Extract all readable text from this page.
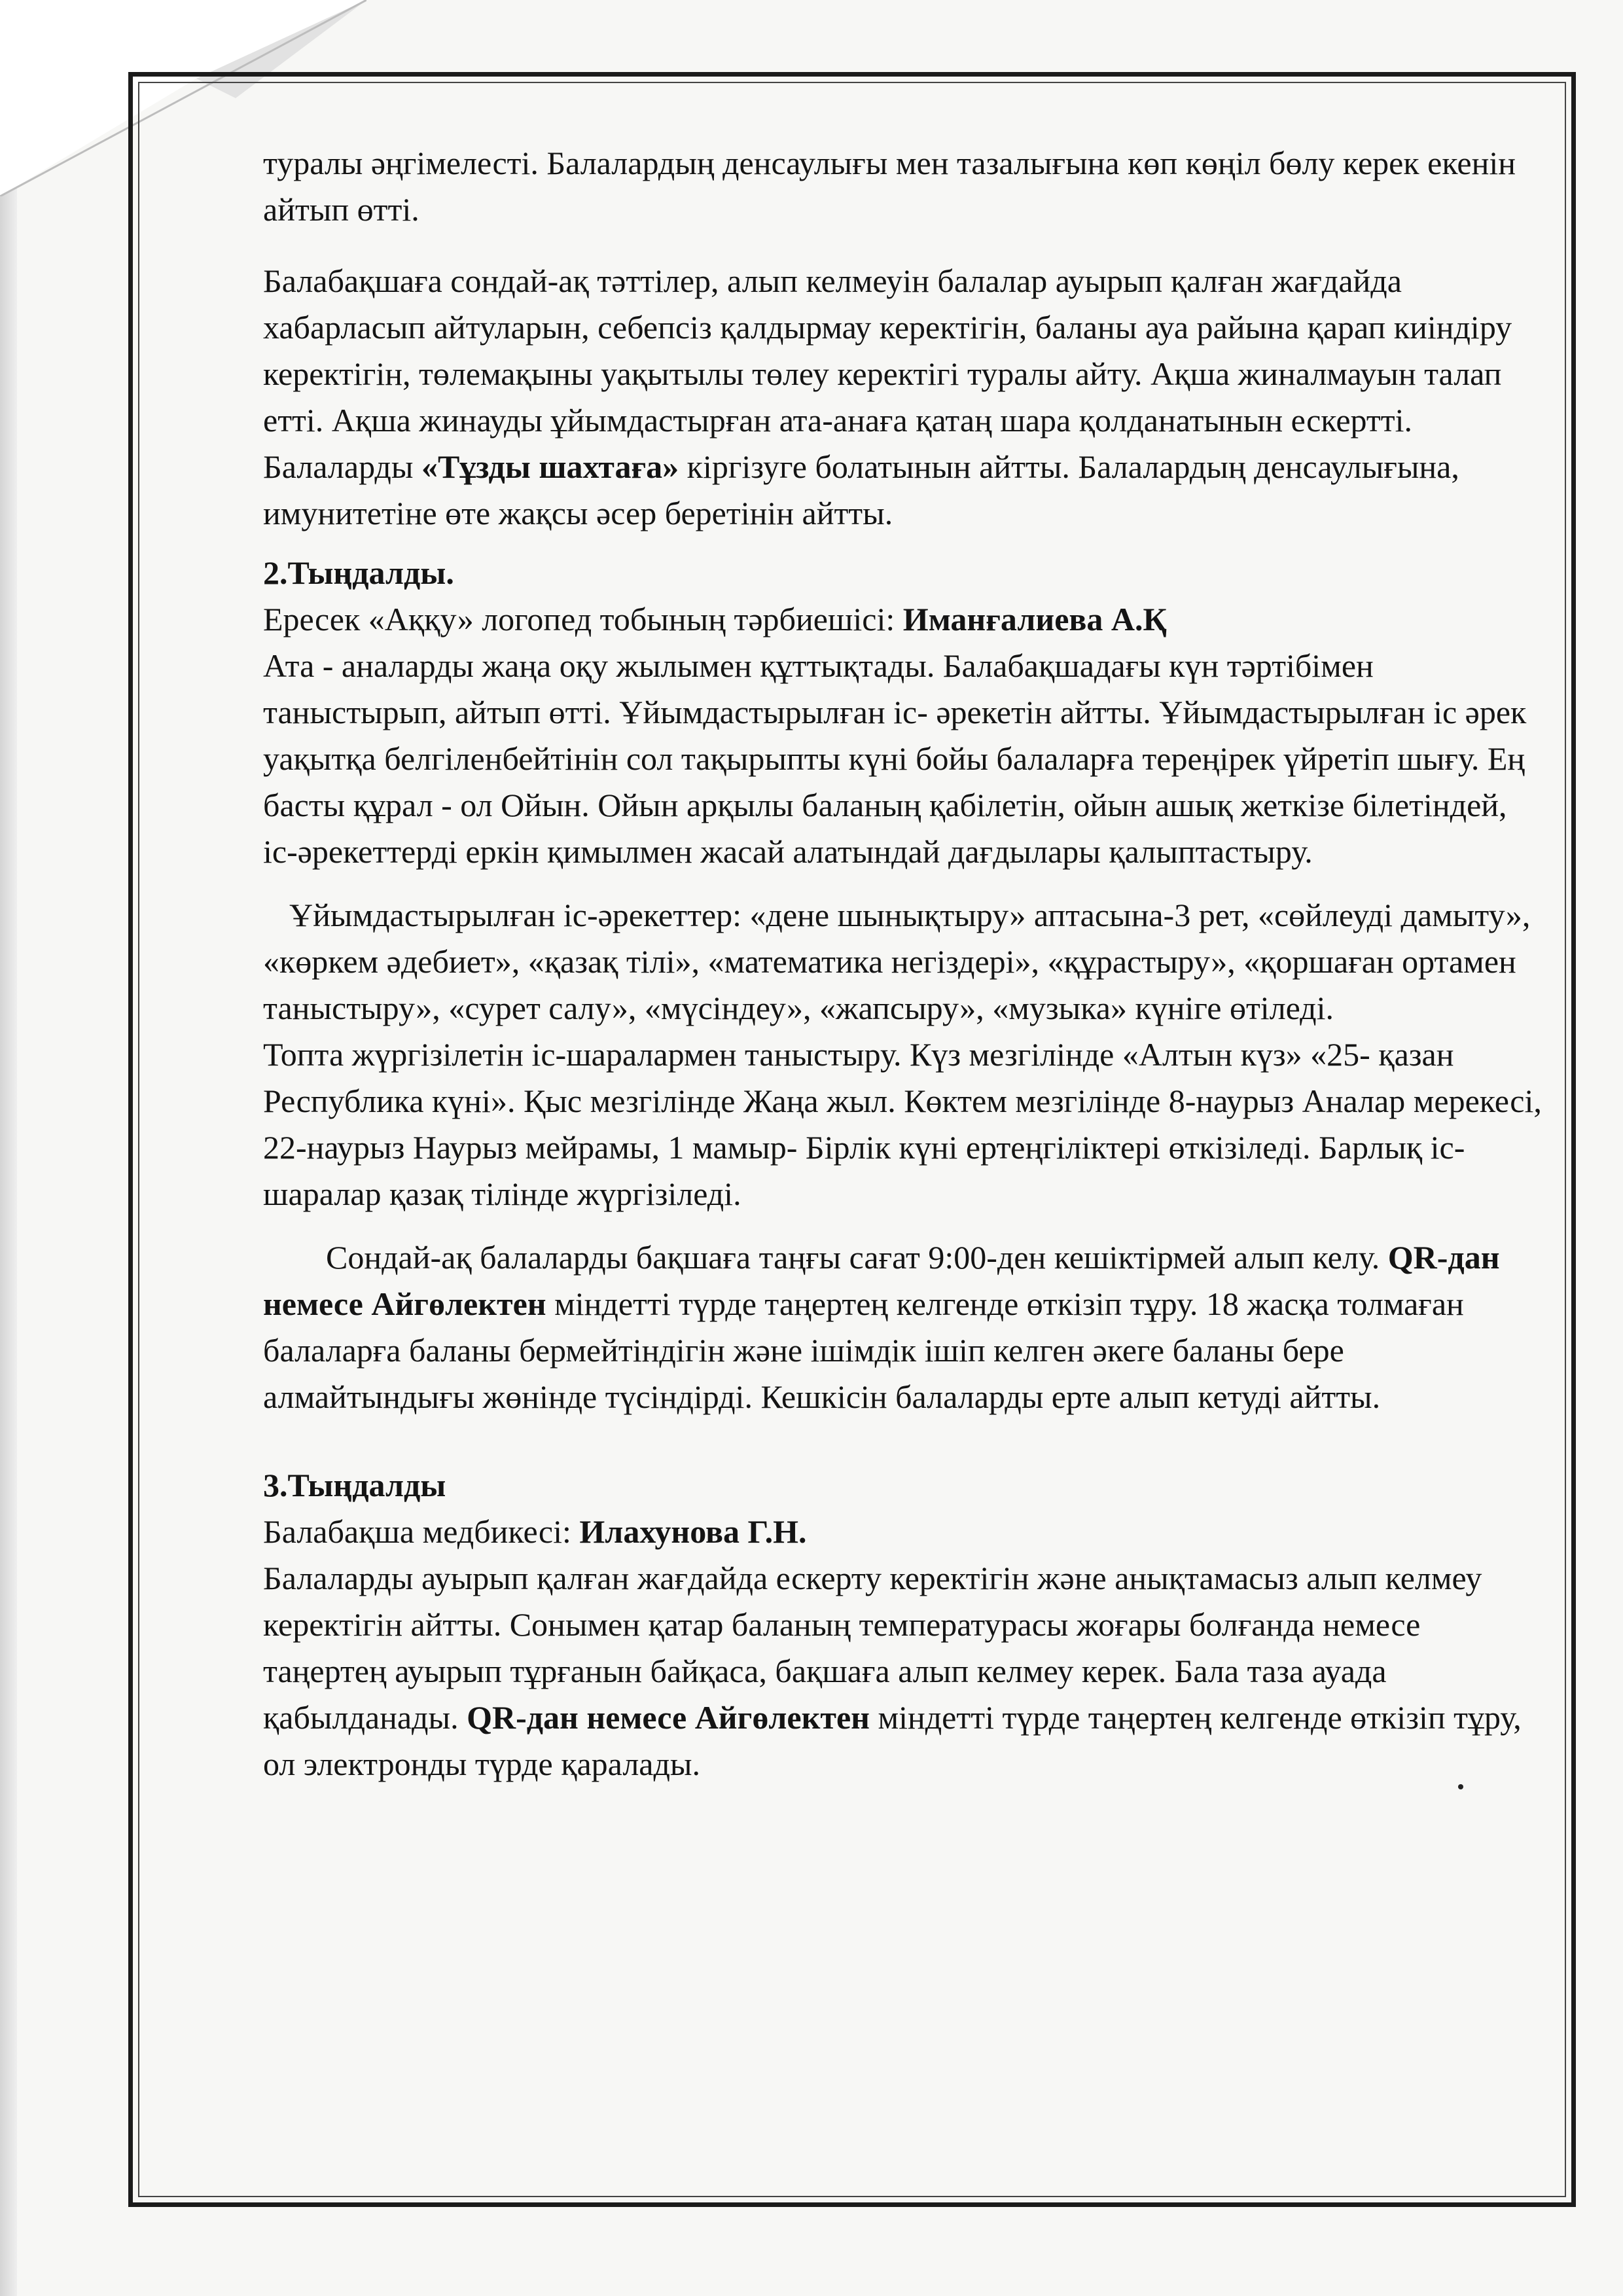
туралы әңгімелесті. Балалардың денсаулығы мен тазалығына көп көңіл бөлу керек екенін айтып өтті.

Балабақшаға сондай-ақ тәттілер, алып келмеуін балалар ауырып қалған жағдайда хабарласып айтуларын, себепсіз қалдырмау керектігін, баланы ауа райына қарап киіндіру керектігін, төлемақыны уақытылы төлеу керектігі туралы айту. Ақша жиналмауын талап етті. Ақша жинауды ұйымдастырған ата-анаға қатаң шара қолданатынын ескертті.

Балаларды «Тұзды шахтаға» кіргізуге болатынын айтты. Балалардың денсаулығына, имунитетіне өте жақсы әсер беретінін айтты.

2.Тыңдалды.

Ересек «Аққу» логопед тобының тәрбиешісі: Иманғалиева А.Қ

Ата - аналарды жаңа оқу жылымен құттықтады. Балабақшадағы күн тәртібімен таныстырып, айтып өтті. Ұйымдастырылған іс- әрекетін айтты. Ұйымдастырылған іс әрек уақытқа белгіленбейтінін сол тақырыпты күні бойы балаларға тереңірек үйретіп шығу. Ең басты құрал - ол Ойын. Ойын арқылы баланың қабілетін, ойын ашық жеткізе білетіндей, іс-әрекеттерді еркін қимылмен жасай алатындай дағдылары қалыптастыру.

Ұйымдастырылған іс-әрекеттер: «дене шынықтыру» аптасына-3 рет, «сөйлеуді дамыту», «көркем әдебиет», «қазақ тілі», «математика негіздері», «құрастыру», «қоршаған ортамен таныстыру», «сурет салу», «мүсіндеу», «жапсыру», «музыка» күніге өтіледі.

Топта жүргізілетін іс-шаралармен таныстыру. Күз мезгілінде «Алтын күз» «25- қазан Республика күні». Қыс мезгілінде Жаңа жыл. Көктем мезгілінде 8-наурыз Аналар мерекесі, 22-наурыз Наурыз мейрамы, 1 мамыр- Бірлік күні ертеңгіліктері өткізіледі. Барлық іс-шаралар қазақ тілінде жүргізіледі.

Сондай-ақ балаларды бақшаға таңғы сағат 9:00-ден кешіктірмей алып келу. QR-дан немесе Айгөлектен міндетті түрде таңертең келгенде өткізіп тұру. 18 жасқа толмаған балаларға баланы бермейтіндігін және ішімдік ішіп келген әкеге баланы бере алмайтындығы жөнінде түсіндірді. Кешкісін балаларды ерте алып кетуді айтты.

3.Тыңдалды

Балабақша медбикесі: Илахунова Г.Н.

Балаларды ауырып қалған жағдайда ескерту керектігін және анықтамасыз алып келмеу керектігін айтты. Сонымен қатар баланың температурасы жоғары болғанда немесе таңертең ауырып тұрғанын байқаса, бақшаға алып келмеу керек. Бала таза ауада қабылданады. QR-дан немесе Айгөлектен міндетті түрде таңертең келгенде өткізіп тұру, ол электронды түрде қаралады.
